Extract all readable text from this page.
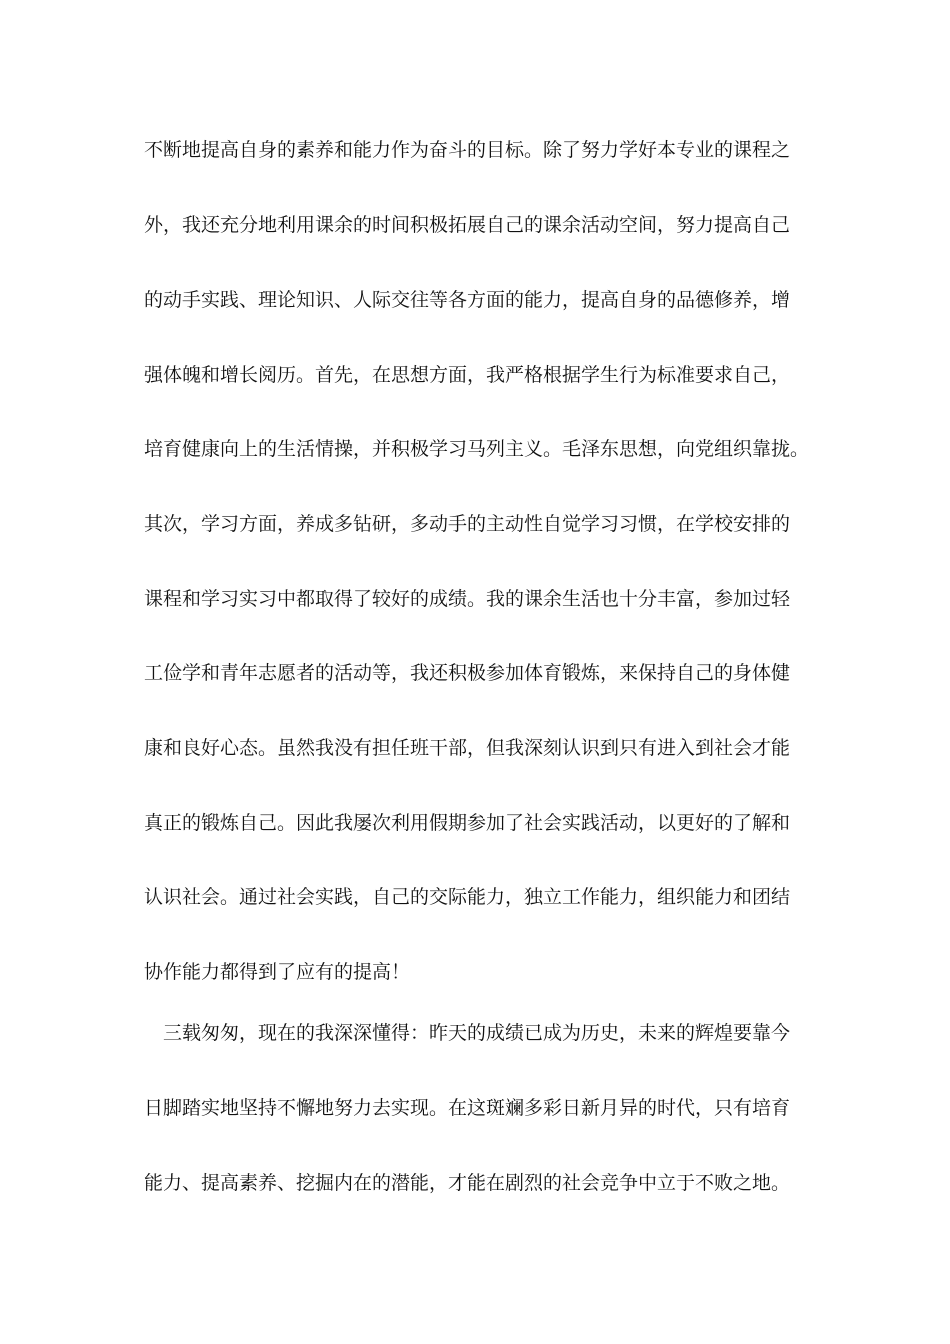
不断地提高自身的素养和能力作为奋斗的目标。除了努力学好本专业的课程之

外，我还充分地利用课余的时间积极拓展自己的课余活动空间，努力提高自己

的动手实践、理论知识、人际交往等各方面的能力，提高自身的品德修养，增

强体魄和增长阅历。首先，在思想方面，我严格根据学生行为标准要求自己，

培育健康向上的生活情操，并积极学习马列主义。毛泽东思想，向党组织靠拢。

其次，学习方面，养成多钻研，多动手的主动性自觉学习习惯，在学校安排的

课程和学习实习中都取得了较好的成绩。我的课余生活也十分丰富，参加过轻

工俭学和青年志愿者的活动等，我还积极参加体育锻炼，来保持自己的身体健

康和良好心态。虽然我没有担任班干部，但我深刻认识到只有进入到社会才能

真正的锻炼自己。因此我屡次利用假期参加了社会实践活动，以更好的了解和

认识社会。通过社会实践，自己的交际能力，独立工作能力，组织能力和团结

协作能力都得到了应有的提高！

三载匆匆，现在的我深深懂得：昨天的成绩已成为历史，未来的辉煌要靠今

日脚踏实地坚持不懈地努力去实现。在这斑斓多彩日新月异的时代，只有培育

能力、提高素养、挖掘内在的潜能，才能在剧烈的社会竞争中立于不败之地。
